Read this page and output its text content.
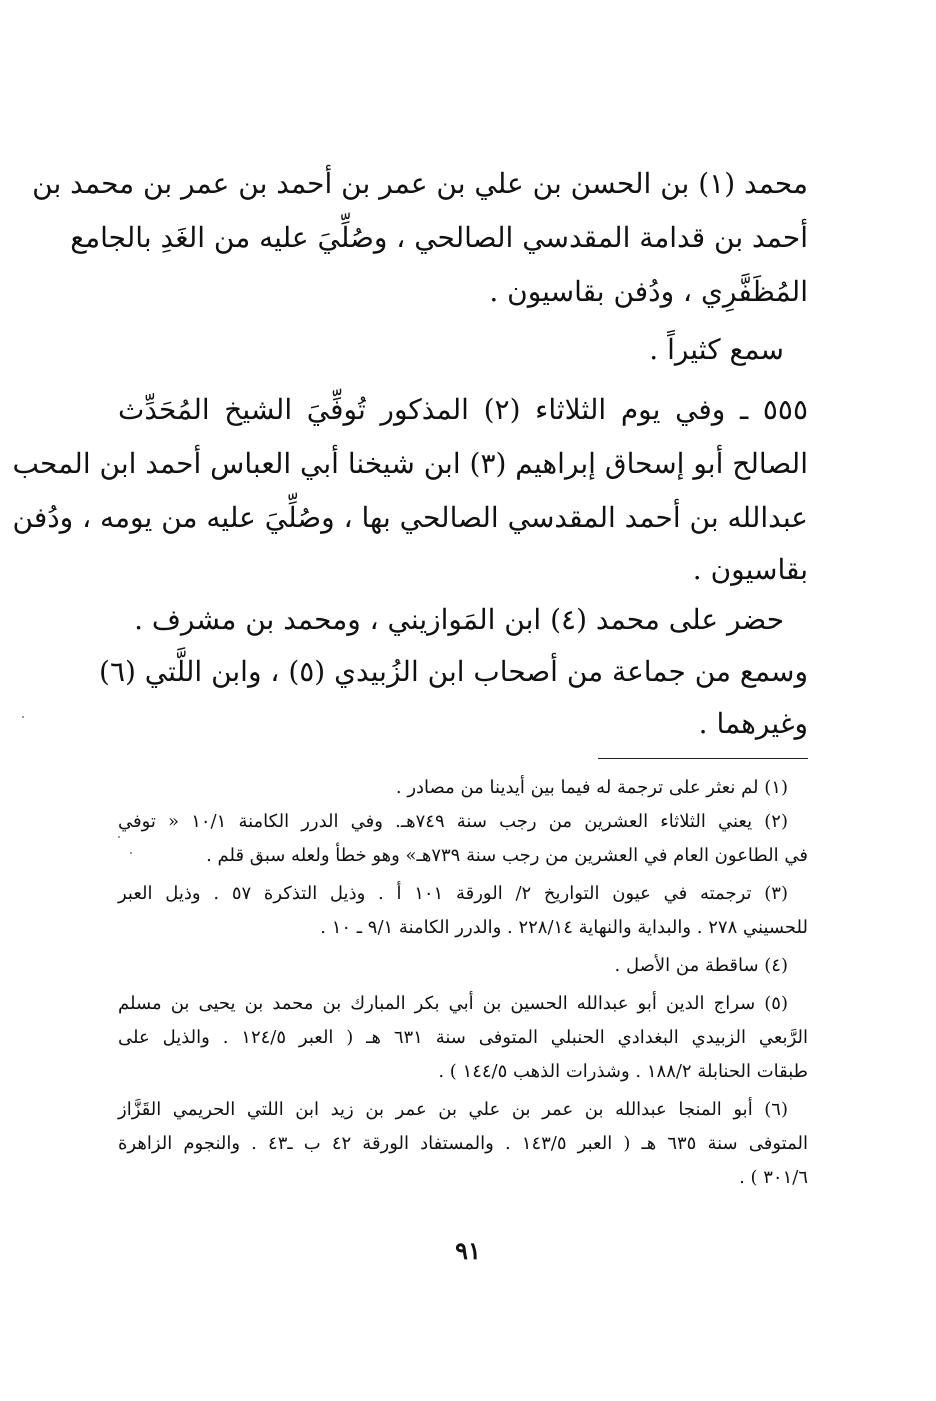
محمد (١) بن الحسن بن علي بن عمر بن أحمد بن عمر بن محمد بن
أحمد بن قدامة المقدسي الصالحي ، وصُلِّيَ عليه من الغَدِ بالجامع
المُظَفَّرِي ، ودُفن بقاسيون .
سمع كثيراً .
٥٥٥ ـ وفي يوم الثلاثاء (٢) المذكور تُوفِّيَ الشيخ المُحَدِّث
الصالح أبو إسحاق إبراهيم (٣) ابن شيخنا أبي العباس أحمد ابن المحب
عبدالله بن أحمد المقدسي الصالحي بها ، وصُلِّيَ عليه من يومه ، ودُفن
بقاسيون .
حضر على محمد (٤) ابن المَوازيني ، ومحمد بن مشرف .
وسمع من جماعة من أصحاب ابن الزُبيدي (٥) ، وابن اللَّتي (٦)
وغيرهما .
(١) لم نعثر على ترجمة له فيما بين أيدينا من مصادر .
(٢) يعني الثلاثاء العشرين من رجب سنة ٧٤٩هـ. وفي الدرر الكامنة ١٠/١ « توفي
في الطاعون العام في العشرين من رجب سنة ٧٣٩هـ» وهو خطأ ولعله سبق قلم .
(٣) ترجمته في عيون التواريخ ٢/ الورقة ١٠١ أ . وذيل التذكرة ٥٧ . وذيل العبر
للحسيني ٢٧٨ . والبداية والنهاية ٢٢٨/١٤ . والدرر الكامنة ٩/١ ـ ١٠ .
(٤) ساقطة من الأصل .
(٥) سراج الدين أبو عبدالله الحسين بن أبي بكر المبارك بن محمد بن يحيى بن مسلم
الرَّبعي الزبيدي البغدادي الحنبلي المتوفى سنة ٦٣١ هـ ( العبر ١٢٤/٥ . والذيل على
طبقات الحنابلة ١٨٨/٢ . وشذرات الذهب ١٤٤/٥ ) .
(٦) أبو المنجا عبدالله بن عمر بن علي بن عمر بن زيد ابن اللتي الحريمي القَزَّاز
المتوفى سنة ٦٣٥ هـ ( العبر ١٤٣/٥ . والمستفاد الورقة ٤٢ ب ـ٤٣ . والنجوم الزاهرة
٣٠١/٦ ) .
٩١
